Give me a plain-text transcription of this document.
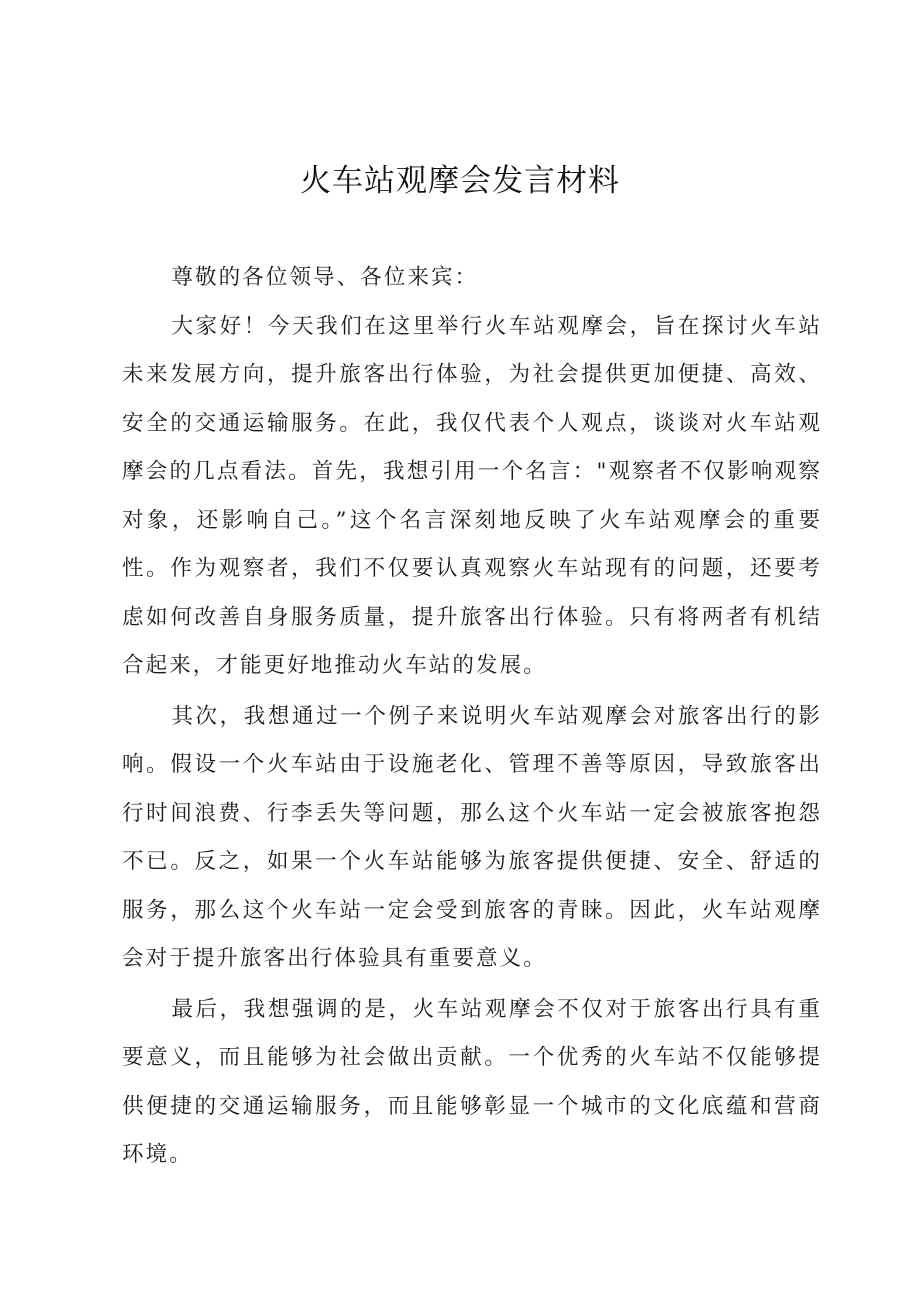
火车站观摩会发言材料

尊敬的各位领导、各位来宾：

大家好！今天我们在这里举行火车站观摩会，旨在探讨火车站未来发展方向，提升旅客出行体验，为社会提供更加便捷、高效、安全的交通运输服务。在此，我仅代表个人观点，谈谈对火车站观摩会的几点看法。首先，我想引用一个名言："观察者不仅影响观察对象，还影响自己。”这个名言深刻地反映了火车站观摩会的重要性。作为观察者，我们不仅要认真观察火车站现有的问题，还要考虑如何改善自身服务质量，提升旅客出行体验。只有将两者有机结合起来，才能更好地推动火车站的发展。

其次，我想通过一个例子来说明火车站观摩会对旅客出行的影响。假设一个火车站由于设施老化、管理不善等原因，导致旅客出行时间浪费、行李丢失等问题，那么这个火车站一定会被旅客抱怨不已。反之，如果一个火车站能够为旅客提供便捷、安全、舒适的服务，那么这个火车站一定会受到旅客的青睐。因此，火车站观摩会对于提升旅客出行体验具有重要意义。

最后，我想强调的是，火车站观摩会不仅对于旅客出行具有重要意义，而且能够为社会做出贡献。一个优秀的火车站不仅能够提供便捷的交通运输服务，而且能够彰显一个城市的文化底蕴和营商环境。
